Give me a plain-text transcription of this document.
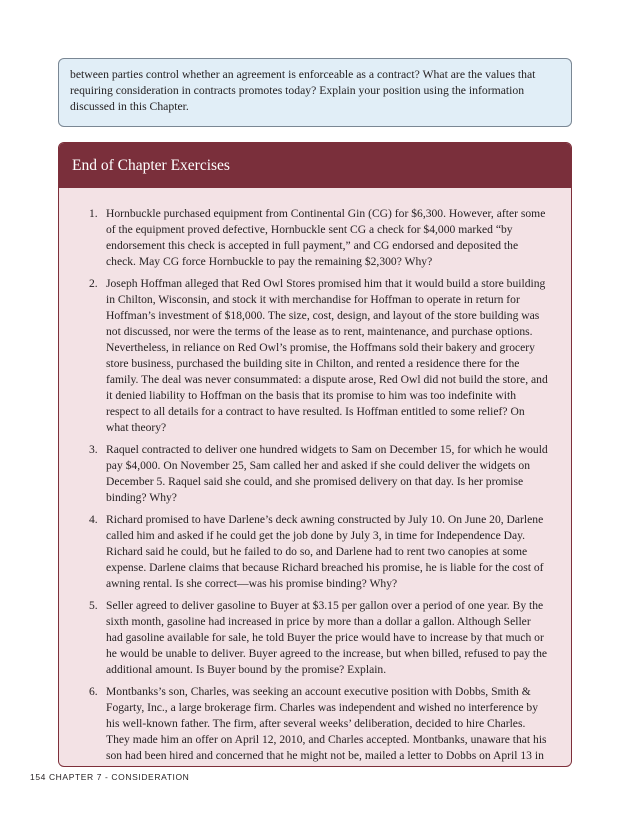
between parties control whether an agreement is enforceable as a contract? What are the values that requiring consideration in contracts promotes today? Explain your position using the information discussed in this Chapter.
End of Chapter Exercises
1. Hornbuckle purchased equipment from Continental Gin (CG) for $6,300. However, after some of the equipment proved defective, Hornbuckle sent CG a check for $4,000 marked “by endorsement this check is accepted in full payment,” and CG endorsed and deposited the check. May CG force Hornbuckle to pay the remaining $2,300? Why?
2. Joseph Hoffman alleged that Red Owl Stores promised him that it would build a store building in Chilton, Wisconsin, and stock it with merchandise for Hoffman to operate in return for Hoffman’s investment of $18,000. The size, cost, design, and layout of the store building was not discussed, nor were the terms of the lease as to rent, maintenance, and purchase options. Nevertheless, in reliance on Red Owl’s promise, the Hoffmans sold their bakery and grocery store business, purchased the building site in Chilton, and rented a residence there for the family. The deal was never consummated: a dispute arose, Red Owl did not build the store, and it denied liability to Hoffman on the basis that its promise to him was too indefinite with respect to all details for a contract to have resulted. Is Hoffman entitled to some relief? On what theory?
3. Raquel contracted to deliver one hundred widgets to Sam on December 15, for which he would pay $4,000. On November 25, Sam called her and asked if she could deliver the widgets on December 5. Raquel said she could, and she promised delivery on that day. Is her promise binding? Why?
4. Richard promised to have Darlene’s deck awning constructed by July 10. On June 20, Darlene called him and asked if he could get the job done by July 3, in time for Independence Day. Richard said he could, but he failed to do so, and Darlene had to rent two canopies at some expense. Darlene claims that because Richard breached his promise, he is liable for the cost of awning rental. Is she correct—was his promise binding? Why?
5. Seller agreed to deliver gasoline to Buyer at $3.15 per gallon over a period of one year. By the sixth month, gasoline had increased in price by more than a dollar a gallon. Although Seller had gasoline available for sale, he told Buyer the price would have to increase by that much or he would be unable to deliver. Buyer agreed to the increase, but when billed, refused to pay the additional amount. Is Buyer bound by the promise? Explain.
6. Montbanks’s son, Charles, was seeking an account executive position with Dobbs, Smith & Fogarty, Inc., a large brokerage firm. Charles was independent and wished no interference by his well-known father. The firm, after several weeks’ deliberation, decided to hire Charles. They made him an offer on April 12, 2010, and Charles accepted. Montbanks, unaware that his son had been hired and concerned that he might not be, mailed a letter to Dobbs on April 13 in
154 CHAPTER 7 - CONSIDERATION
